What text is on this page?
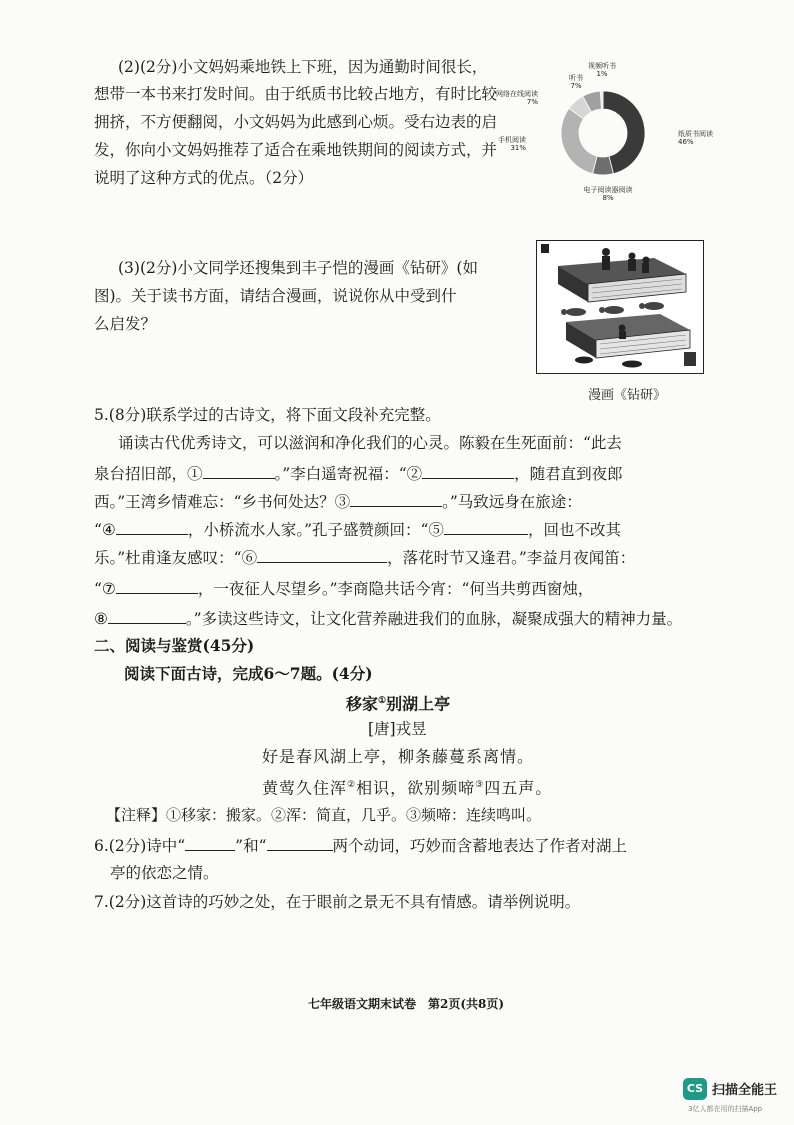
(2)(2分)小文妈妈乘地铁上下班，因为通勤时间很长，
想带一本书来打发时间。由于纸质书比较占地方，有时比较
拥挤，不方便翻阅，小文妈妈为此感到心烦。受右边表的启
发，你向小文妈妈推荐了适合在乘地铁期间的阅读方式，并
说明了这种方式的优点。（2分）
纸质书阅读
46%
电子阅读器阅读
8%
手机阅读
31%
网络在线阅读
7%
听书
7%
视频听书
1%
(3)(2分)小文同学还搜集到丰子恺的漫画《钻研》(如
图)。关于读书方面，请结合漫画，说说你从中受到什
么启发？
漫画《钻研》
5.(8分)联系学过的古诗文，将下面文段补充完整。
诵读古代优秀诗文，可以滋润和净化我们的心灵。陈毅在生死面前：“此去
泉台招旧部，①	。”李白遥寄祝福：“②	，随君直到夜郎
西。”王湾乡情难忘：“乡书何处达？③	。”马致远身在旅途：
“④	，小桥流水人家。”孔子盛赞颜回：“⑤	，回也不改其
乐。”杜甫逢友感叹：“⑥	，落花时节又逢君。”李益月夜闻笛：
“⑦	，一夜征人尽望乡。”李商隐共话今宵：“何当共剪西窗烛，
⑧	。”多读这些诗文，让文化营养融进我们的血脉，凝聚成强大的精神力量。
二、阅读与鉴赏(45分)
阅读下面古诗，完成6～7题。(4分)
移家①别湖上亭
[唐]戎昱
好是春风湖上亭，柳条藤蔓系离情。
黄莺久住浑②相识，欲别频啼③四五声。
【注释】①移家：搬家。②浑：简直，几乎。③频啼：连续鸣叫。
6.(2分)诗中“	”和“	两个动词，巧妙而含蓄地表达了作者对湖上
亭的依恋之情。
7.(2分)这首诗的巧妙之处，在于眼前之景无不具有情感。请举例说明。
七年级语文期末试卷　第2页(共8页)
CS 扫描全能王
3亿人都在用的扫描App
